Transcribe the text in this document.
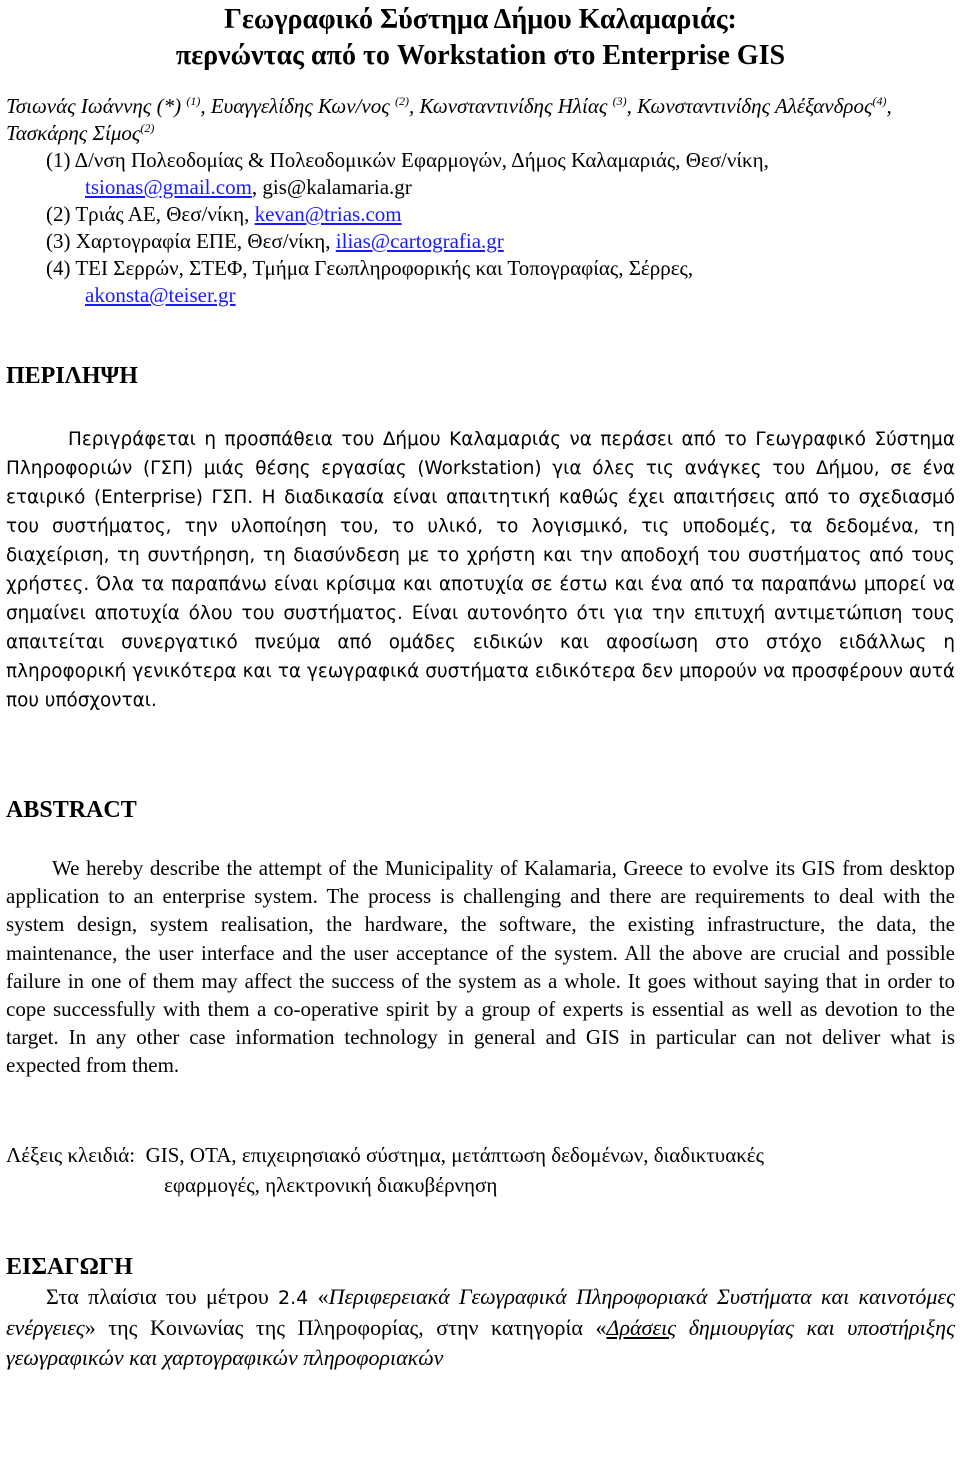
Γεωγραφικό Σύστημα Δήμου Καλαμαριάς:
περνώντας από το Workstation στο Enterprise GIS
Τσιωνάς Ιωάννης (*) $^{(1)}$, Ευαγγελίδης Κων/νος $^{(2)}$, Κωνσταντινίδης Ηλίας $^{(3)}$, Κωνσταντινίδης Αλέξανδρος$^{(4)}$, Τασκάρης Σίμος$^{(2)}$
(1) Δ/νση Πολεοδομίας & Πολεοδομικών Εφαρμογών, Δήμος Καλαμαριάς, Θεσ/νίκη,

tsionas@gmail.com, gis@kalamaria.gr
(2) Τριάς ΑΕ, Θεσ/νίκη, kevan@trias.com
(3) Χαρτογραφία ΕΠΕ, Θεσ/νίκη, ilias@cartografia.gr
(4) ΤΕΙ Σερρών, ΣΤΕΦ, Τμήμα Γεωπληροφορικής και Τοπογραφίας, Σέρρες,

akonsta@teiser.gr
ΠΕΡΙΛΗΨΗ

Περιγράφεται η προσπάθεια του Δήμου Καλαμαριάς να περάσει από το Γεωγραφικό Σύστημα Πληροφοριών (ΓΣΠ) μιάς θέσης εργασίας (Workstation) για όλες τις ανάγκες του Δήμου, σε ένα εταιρικό (Enterprise) ΓΣΠ. Η διαδικασία είναι απαιτητική καθώς έχει απαιτήσεις από το σχεδιασμό του συστήματος, την υλοποίηση του, το υλικό, το λογισμικό, τις υποδομές, τα δεδομένα, τη διαχείριση, τη συντήρηση, τη διασύνδεση με το χρήστη και την αποδοχή του συστήματος από τους χρήστες. Όλα τα παραπάνω είναι κρίσιμα και αποτυχία σε έστω και ένα από τα παραπάνω μπορεί να σημαίνει αποτυχία όλου του συστήματος. Είναι αυτονόητο ότι για την επιτυχή αντιμετώπιση τους απαιτείται συνεργατικό πνεύμα από ομάδες ειδικών και αφοσίωση στο στόχο ειδάλλως η πληροφορική γενικότερα και τα γεωγραφικά συστήματα ειδικότερα δεν μπορούν να προσφέρουν αυτά που υπόσχονται.

ABSTRACT

We hereby describe the attempt of the Municipality of Kalamaria, Greece to evolve its GIS from desktop application to an enterprise system. The process is challenging and there are requirements to deal with the system design, system realisation, the hardware, the software, the existing infrastructure, the data, the maintenance, the user interface and the user acceptance of the system. All the above are crucial and possible failure in one of them may affect the success of the system as a whole. It goes without saying that in order to cope successfully with them a co-operative spirit by a group of experts is essential as well as devotion to the target. In any other case information technology in general and GIS in particular can not deliver what is expected from them.

Λέξεις κλειδιά: GIS, ΟΤΑ, επιχειρησιακό σύστημα, μετάπτωση δεδομένων, διαδικτυακές
εφαρμογές, ηλεκτρονική διακυβέρνηση
ΕΙΣΑΓΩΓΗ

Στα πλαίσια του μέτρου 2.4 «Περιφερειακά Γεωγραφικά Πληροφοριακά Συστήματα και καινοτόμες ενέργειες» της Κοινωνίας της Πληροφορίας, στην κατηγορία «Δράσεις δημιουργίας και υποστήριξης γεωγραφικών και χαρτογραφικών πληροφοριακών
